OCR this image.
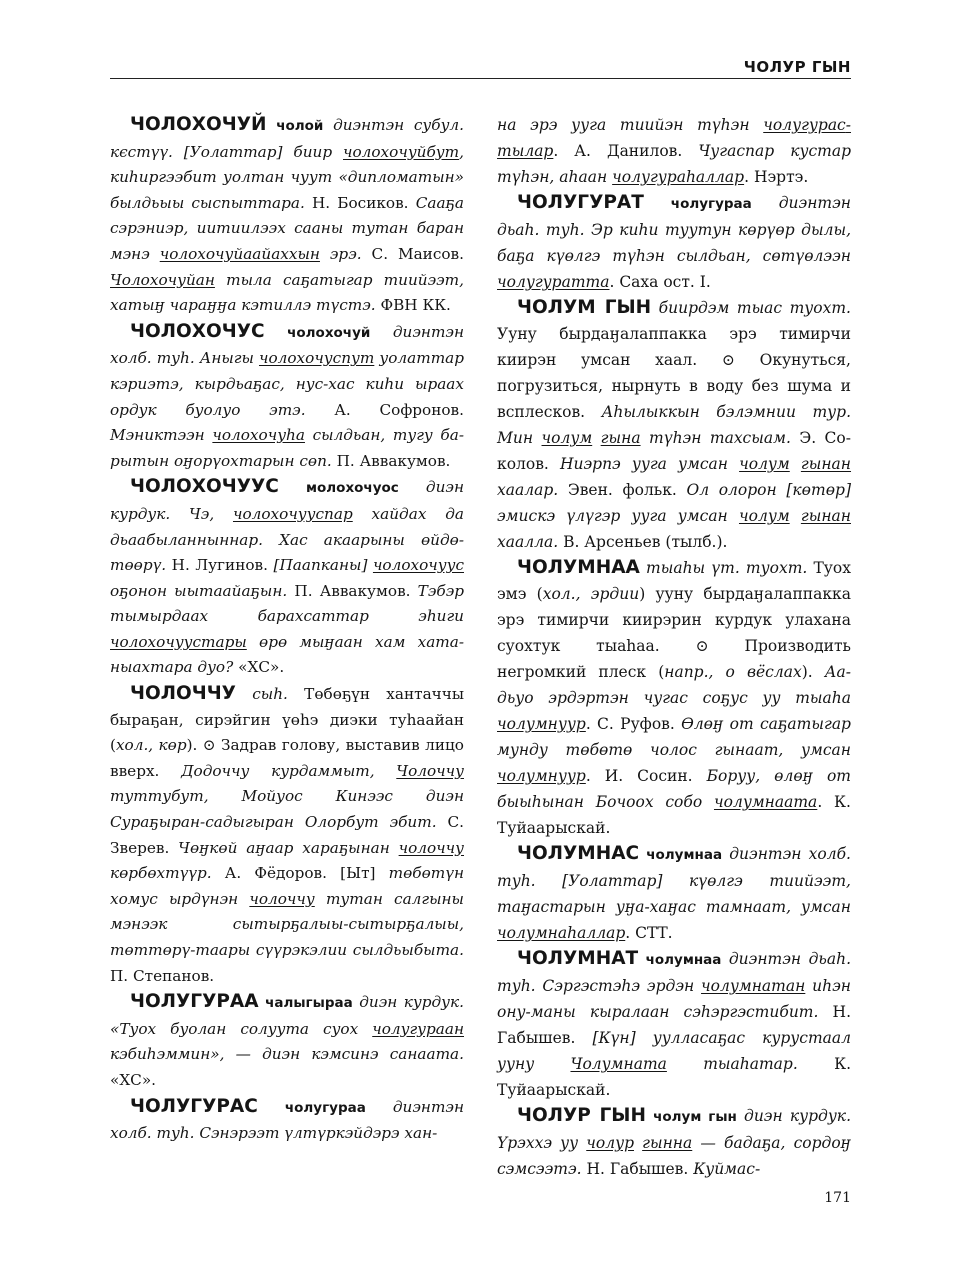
ЧОЛУР ГЫН

ЧОЛОХОЧУЙ чолой диэнтэн субул. кєстүү. [Уолаттар] биир чолохочуйбут, киһиргээбит уолтан чуут «дипломатын» былдьыы сыспыттара. Н. Босиков. Сааҕа сэрэниэр, иитиилээх сааны тутан баран мэнэ чолохочуйаайаххын эрэ. С. Маисов. Чолохочуйан тыла саҕатыгар тиийээт, хатыӈ чараӈӈа кэтиллэ түстэ. ФВН КК.

ЧОЛОХОЧУС чолохочуй диэнтэн холб. туһ. Аныгы чолохочуспут уолаттар кэриэтэ, кырдьаҕас, нус-хас киһи ыраах ордук буолуо этэ. А. Софронов. Мэниктээн чолохочуһа сылдьан, тугу барытын оӈорүохтарын сөп. П. Аввакумов.

ЧОЛОХОЧУУС молохочуос диэн курдук. Чэ, чолохочууспар хайдах да дьаабыланныннар. Хас акаарыны өйдөтөөрү. Н. Лугинов. [Паапканы] чолохочуус оҕонон ыытаайаҕын. П. Аввакумов. Тэбэр тымырдаах барахсаттар эһиги чолохочуустары өрө мыӈаан хам хатаныахтара дуо? «ХС».

ЧОЛОЧЧУ сыһ. Төбөҕүн хантаччы быраҕан, сирэйгин үөһэ диэки туһаайан (хол., көр). ⊙ Задрав голову, выставив лицо вверх. Додоччу курдаммыт, Чолоччу туттубут, Мойуос Кинээс диэн Сураҕыран-садыгыран Олорбут эбит. С. Зверев. Чөӈкөй аӈаар хараҕынан чолоччу көрбөхтүүр. А. Фёдоров. [Ыт] төбөтүн хомус ырдүнэн чолоччу тутан салгыны мэнээк сытырҕалыы-сытырҕалыы, төттөрү-таары сүүрэкэлии сылдьыбыта. П. Степанов.

ЧОЛУГУРАА чалыгыраа диэн курдук. «Туох буолан солуута суох чолугураан кэбиһэммин», — диэн кэмсинэ санаата. «ХС».

ЧОЛУГУРАС чолугураа диэнтэн холб. туһ. Сэнэрээт үлтүркэйдэрэ хан-

на эрэ ууга тиийэн түһэн чолугурастылар. А. Данилов. Чугаспар кустар түһэн, аһаан чолугураһаллар. Нэртэ.

ЧОЛУГУРАТ чолугураа диэнтэн дьаһ. туһ. Эр киһи туутун көрүөр дылы, баҕа күөлгэ түһэн сылдьан, сөтүөлээн чолугуратта. Саха ост. I.

ЧОЛУМ ГЫН биирдэм тыас туохт. Ууну бырдаӈалаппакка эрэ тимирчи киирэн умсан хаал. ⊙ Окунуться, погрузиться, нырнуть в воду без шума и всплесков. Аһылыккын бэлэмнии тур. Мин чолум гына түһэн тахсыам. Э. Соколов. Ниэрпэ ууга умсан чолум гынан хаалар. Эвен. фольк. Ол олорон [көтөр] эмискэ үлүгэр ууга умсан чолум гынан хаалла. В. Арсеньев (тылб.).

ЧОЛУМНАА тыаһы үт. туохт. Туох эмэ (хол., эрдии) ууну бырдаӈалаппакка эрэ тимирчи киирэрин курдук улахана суохтук тыаһаа. ⊙ Производить негромкий плеск (напр., о вёслах). Аа-дьуо эрдэртэн чугас соҕус уу тыаһа чолумнуур. С. Руфов. Өлөӈ от саҕатыгар мунду төбөтө чолос гынаат, умсан чолумнуур. И. Сосин. Боруу, өлөӈ от быыһынан Бочоох собо чолумнаата. К. Туйаарыскай.

ЧОЛУМНАС чолумнаа диэнтэн холб. туһ. [Уолаттар] күөлгэ тиийээт, таӈастарын уӈа-хаӈас тамнаат, умсан чолумнаһаллар. СТТ.

ЧОЛУМНАТ чолумнаа диэнтэн дьаһ. туһ. Сэргэстэһэ эрдэн чолумнатан иһэн ону-маны кыралаан сэһэргэстибит. Н. Габышев. [Күн] уулласаҕас курустаал ууну Чолумната тыаһатар. К. Туйаарыскай.

ЧОЛУР ГЫН чолум гын диэн курдук. Үрэххэ уу чолур гынна — бадаҕа, сордоӈ сэмсээтэ. Н. Габышев. Куймас-

171
